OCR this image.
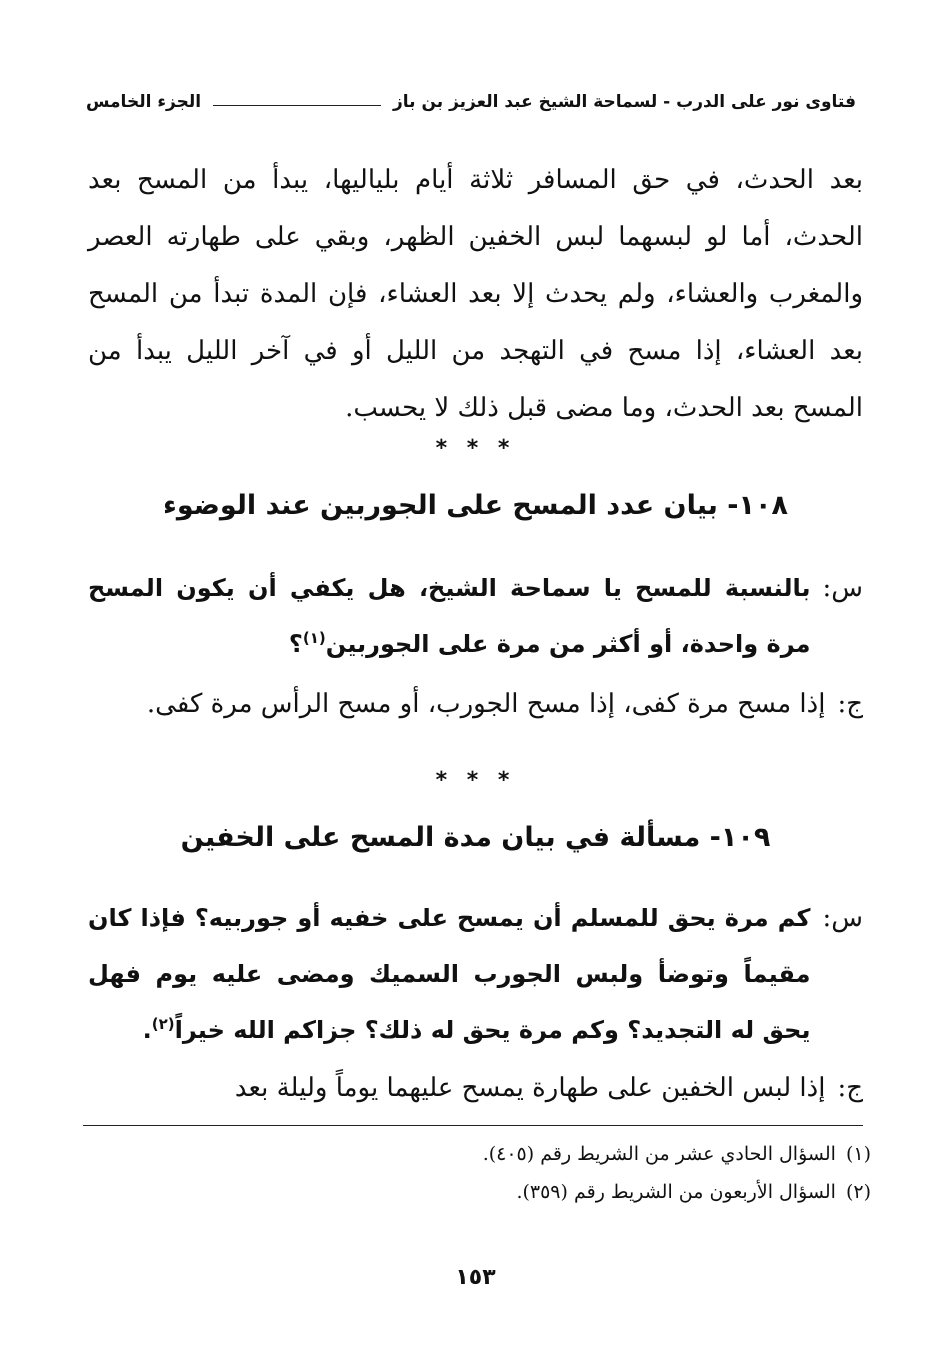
فتاوى نور على الدرب - لسماحة الشيخ عبد العزيز بن باز
الجزء الخامس
بعد الحدث، في حق المسافر ثلاثة أيام بلياليها، يبدأ من المسح بعد الحدث، أما لو لبسهما لبس الخفين الظهر، وبقي على طهارته العصر والمغرب والعشاء، ولم يحدث إلا بعد العشاء، فإن المدة تبدأ من المسح بعد العشاء، إذا مسح في التهجد من الليل أو في آخر الليل يبدأ من المسح بعد الحدث، وما مضى قبل ذلك لا يحسب.
* * *
١٠٨- بيان عدد المسح على الجوربين عند الوضوء
س:
بالنسبة للمسح يا سماحة الشيخ، هل يكفي أن يكون المسح مرة واحدة، أو أكثر من مرة على الجوربين$^{(١)}$؟
ج:
إذا مسح مرة كفى، إذا مسح الجورب، أو مسح الرأس مرة كفى.
* * *
١٠٩- مسألة في بيان مدة المسح على الخفين
س:
كم مرة يحق للمسلم أن يمسح على خفيه أو جوربيه؟ فإذا كان مقيماً وتوضأ ولبس الجورب السميك ومضى عليه يوم فهل يحق له التجديد؟ وكم مرة يحق له ذلك؟ جزاكم الله خيراً$^{(٢)}$.
ج:
إذا لبس الخفين على طهارة يمسح عليهما يوماً وليلة بعد
(١)
السؤال الحادي عشر من الشريط رقم (٤٠٥).
(٢)
السؤال الأربعون من الشريط رقم (٣٥٩).
١٥٣
